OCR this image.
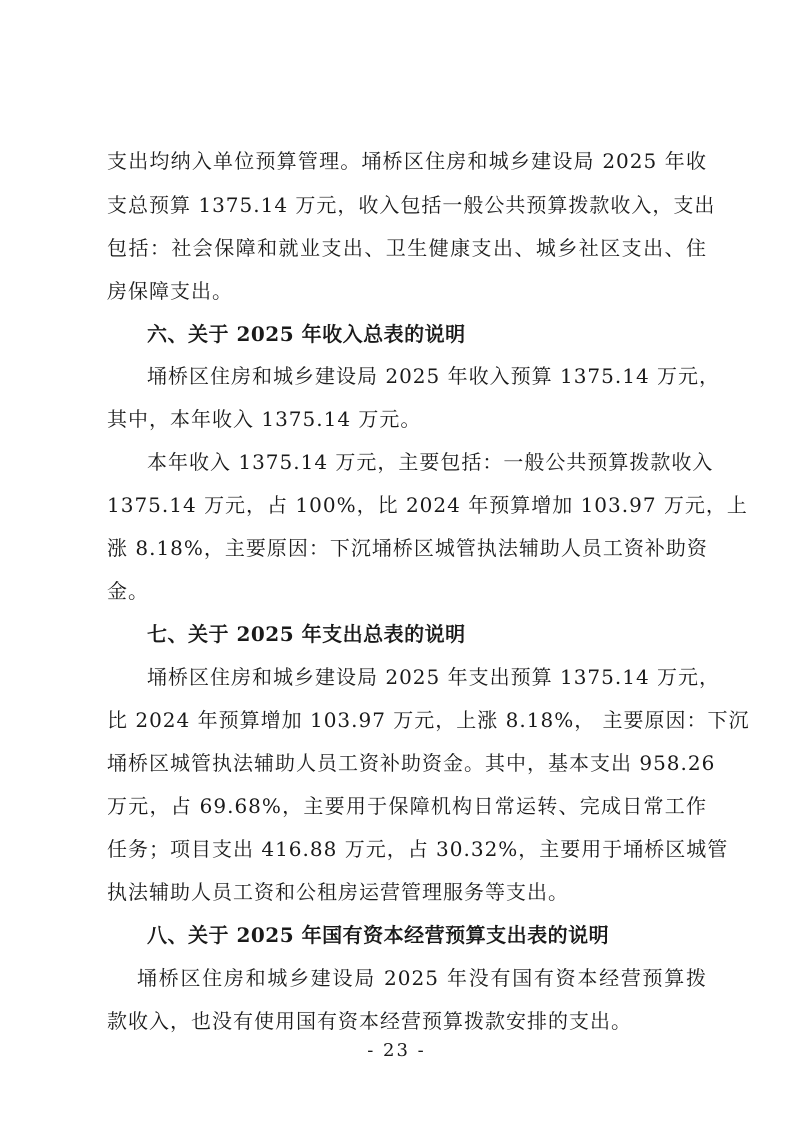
支出均纳入单位预算管理。埇桥区住房和城乡建设局 2025 年收
支总预算 1375.14 万元，收入包括一般公共预算拨款收入，支出
包括：社会保障和就业支出、卫生健康支出、城乡社区支出、住
房保障支出。
六、关于 2025 年收入总表的说明
埇桥区住房和城乡建设局 2025 年收入预算 1375.14 万元，
其中，本年收入 1375.14 万元。
本年收入 1375.14 万元，主要包括：一般公共预算拨款收入
1375.14 万元，占 100%，比 2024 年预算增加 103.97 万元，上
涨 8.18%，主要原因：下沉埇桥区城管执法辅助人员工资补助资
金。
七、关于 2025 年支出总表的说明
埇桥区住房和城乡建设局 2025 年支出预算 1375.14 万元，
比 2024 年预算增加 103.97 万元，上涨 8.18%， 主要原因：下沉
埇桥区城管执法辅助人员工资补助资金。其中，基本支出 958.26
万元，占 69.68%，主要用于保障机构日常运转、完成日常工作
任务；项目支出 416.88 万元，占 30.32%，主要用于埇桥区城管
执法辅助人员工资和公租房运营管理服务等支出。
八、关于 2025 年国有资本经营预算支出表的说明
埇桥区住房和城乡建设局 2025 年没有国有资本经营预算拨
款收入，也没有使用国有资本经营预算拨款安排的支出。
- 23 -
